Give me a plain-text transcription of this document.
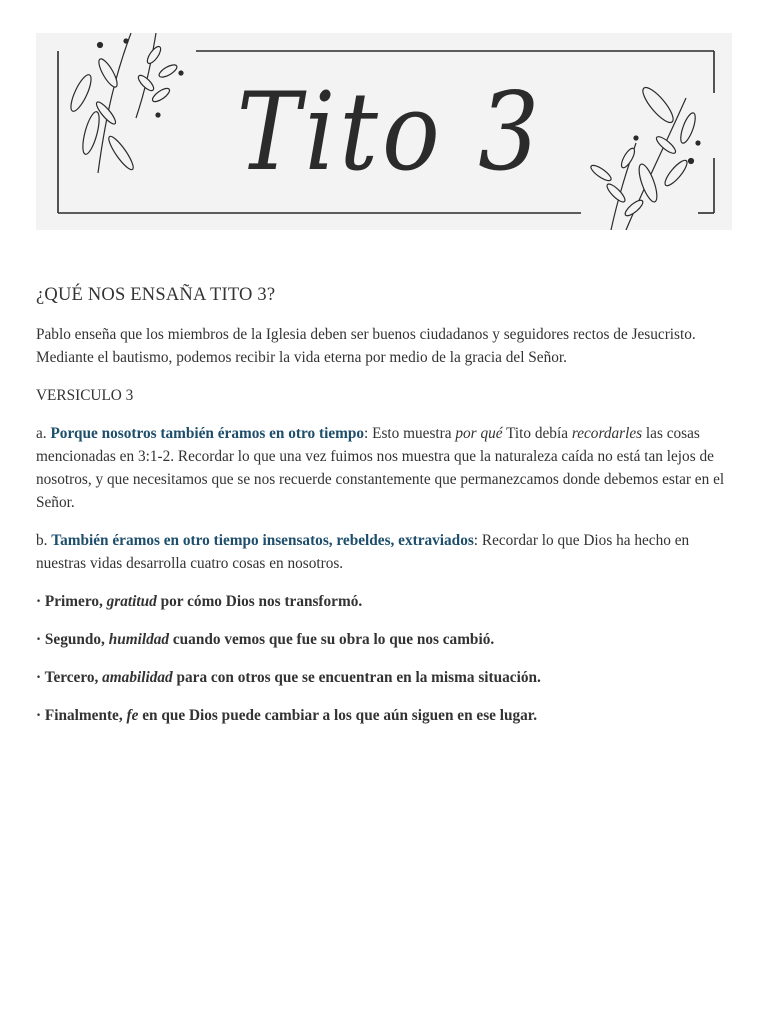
Tito 3
¿QUÉ NOS ENSAÑA TITO 3?

Pablo enseña que los miembros de la Iglesia deben ser buenos ciudadanos y seguidores rectos de Jesucristo. Mediante el bautismo, podemos recibir la vida eterna por medio de la gracia del Señor.

VERSICULO 3

a. Porque nosotros también éramos en otro tiempo: Esto muestra por qué Tito debía recordarles las cosas mencionadas en 3:1-2. Recordar lo que una vez fuimos nos muestra que la naturaleza caída no está tan lejos de nosotros, y que necesitamos que se nos recuerde constantemente que permanezcamos donde debemos estar en el Señor.

b. También éramos en otro tiempo insensatos, rebeldes, extraviados: Recordar lo que Dios ha hecho en nuestras vidas desarrolla cuatro cosas en nosotros.

· Primero, gratitud por cómo Dios nos transformó.

· Segundo, humildad cuando vemos que fue su obra lo que nos cambió.

· Tercero, amabilidad para con otros que se encuentran en la misma situación.

· Finalmente, fe en que Dios puede cambiar a los que aún siguen en ese lugar.
